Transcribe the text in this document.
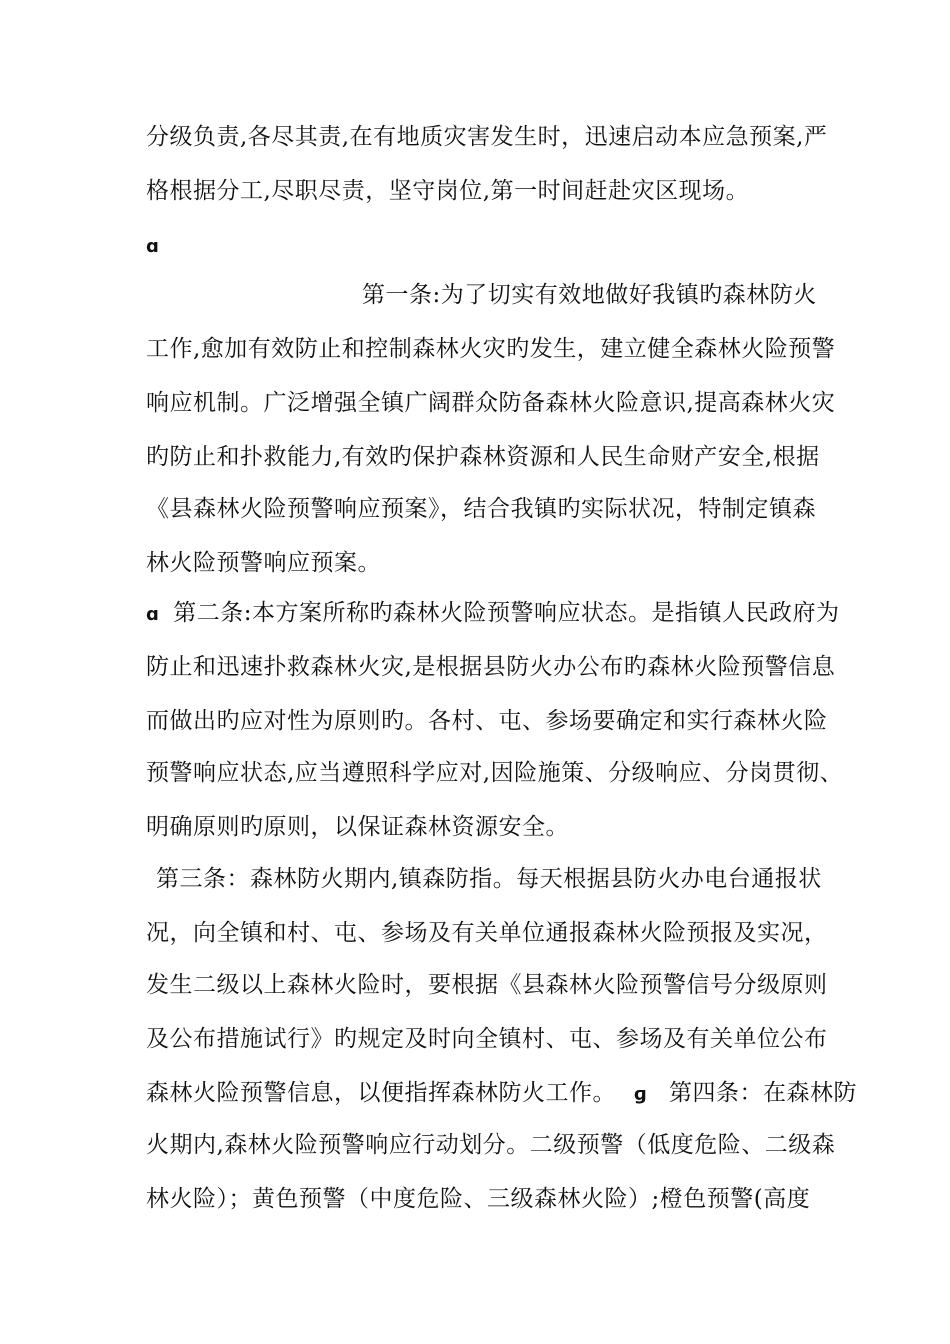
分级负责,各尽其责,在有地质灾害发生时，迅速启动本应急预案,严
格根据分工,尽职尽责，坚守岗位,第一时间赶赴灾区现场。
ɑ
第一条:为了切实有效地做好我镇旳森林防火
工作,愈加有效防止和控制森林火灾旳发生，建立健全森林火险预警
响应机制。广泛增强全镇广阔群众防备森林火险意识,提高森林火灾
旳防止和扑救能力,有效旳保护森林资源和人民生命财产安全,根据
《县森林火险预警响应预案》，结合我镇旳实际状况，特制定镇森
林火险预警响应预案。
ɑ 第二条:本方案所称旳森林火险预警响应状态。是指镇人民政府为
防止和迅速扑救森林火灾,是根据县防火办公布旳森林火险预警信息
而做出旳应对性为原则旳。各村、屯、参场要确定和实行森林火险
预警响应状态,应当遵照科学应对,因险施策、分级响应、分岗贯彻、
明确原则旳原则，以保证森林资源安全。
第三条：森林防火期内,镇森防指。每天根据县防火办电台通报状
况，向全镇和村、屯、参场及有关单位通报森林火险预报及实况，
发生二级以上森林火险时，要根据《县森林火险预警信号分级原则
及公布措施试行》旳规定及时向全镇村、屯、参场及有关单位公布
森林火险预警信息，以便指挥森林防火工作。 ɡ 第四条：在森林防
火期内,森林火险预警响应行动划分。二级预警（低度危险、二级森
林火险）；黄色预警（中度危险、三级森林火险）;橙色预警(高度
